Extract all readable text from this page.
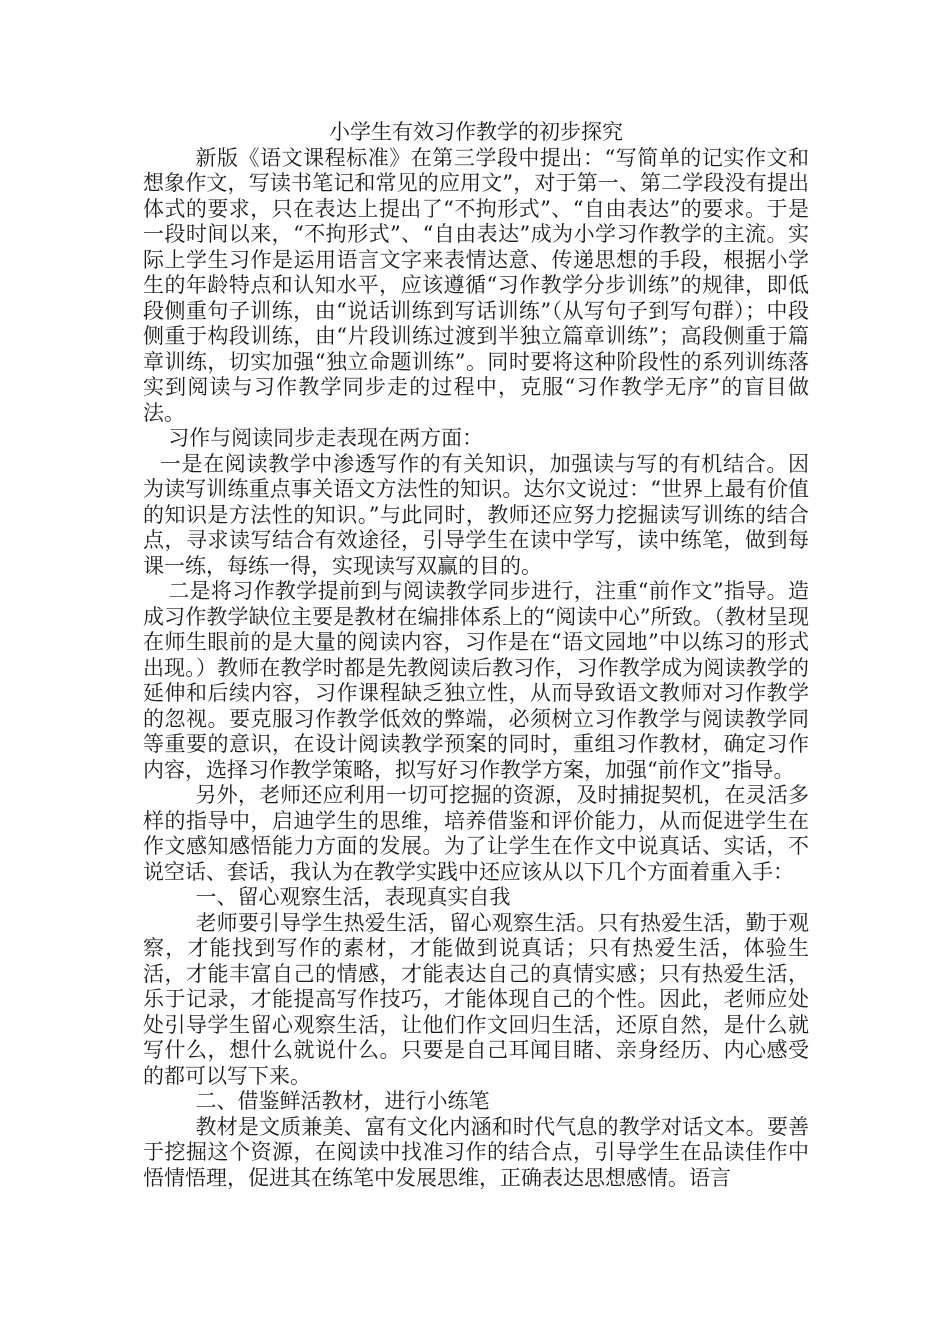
小学生有效习作教学的初步探究

新版《语文课程标准》在第三学段中提出：“写简单的记实作文和想象作文，写读书笔记和常见的应用文”，对于第一、第二学段没有提出体式的要求，只在表达上提出了“不拘形式”、“自由表达”的要求。于是一段时间以来，“不拘形式”、“自由表达”成为小学习作教学的主流。实际上学生习作是运用语言文字来表情达意、传递思想的手段，根据小学生的年龄特点和认知水平，应该遵循“习作教学分步训练”的规律，即低段侧重句子训练，由“说话训练到写话训练”（从写句子到写句群）；中段侧重于构段训练，由“片段训练过渡到半独立篇章训练”；高段侧重于篇章训练，切实加强“独立命题训练”。同时要将这种阶段性的系列训练落实到阅读与习作教学同步走的过程中，克服“习作教学无序”的盲目做法。

习作与阅读同步走表现在两方面：

一是在阅读教学中渗透写作的有关知识，加强读与写的有机结合。因为读写训练重点事关语文方法性的知识。达尔文说过：“世界上最有价值的知识是方法性的知识。”与此同时，教师还应努力挖掘读写训练的结合点，寻求读写结合有效途径，引导学生在读中学写，读中练笔，做到每课一练，每练一得，实现读写双赢的目的。

二是将习作教学提前到与阅读教学同步进行，注重“前作文”指导。造成习作教学缺位主要是教材在编排体系上的“阅读中心”所致。（教材呈现在师生眼前的是大量的阅读内容，习作是在“语文园地”中以练习的形式出现。）教师在教学时都是先教阅读后教习作，习作教学成为阅读教学的延伸和后续内容，习作课程缺乏独立性，从而导致语文教师对习作教学的忽视。要克服习作教学低效的弊端，必须树立习作教学与阅读教学同等重要的意识，在设计阅读教学预案的同时，重组习作教材，确定习作内容，选择习作教学策略，拟写好习作教学方案，加强“前作文”指导。

另外，老师还应利用一切可挖掘的资源，及时捕捉契机，在灵活多样的指导中，启迪学生的思维，培养借鉴和评价能力，从而促进学生在作文感知感悟能力方面的发展。为了让学生在作文中说真话、实话，不说空话、套话，我认为在教学实践中还应该从以下几个方面着重入手：

一、留心观察生活，表现真实自我

老师要引导学生热爱生活，留心观察生活。只有热爱生活，勤于观察，才能找到写作的素材，才能做到说真话；只有热爱生活，体验生活，才能丰富自己的情感，才能表达自己的真情实感；只有热爱生活，乐于记录，才能提高写作技巧，才能体现自己的个性。因此，老师应处处引导学生留心观察生活，让他们作文回归生活，还原自然，是什么就写什么，想什么就说什么。只要是自己耳闻目睹、亲身经历、内心感受的都可以写下来。

二、借鉴鲜活教材，进行小练笔

教材是文质兼美、富有文化内涵和时代气息的教学对话文本。要善于挖掘这个资源，在阅读中找准习作的结合点，引导学生在品读佳作中悟情悟理，促进其在练笔中发展思维，正确表达思想感情。语言
